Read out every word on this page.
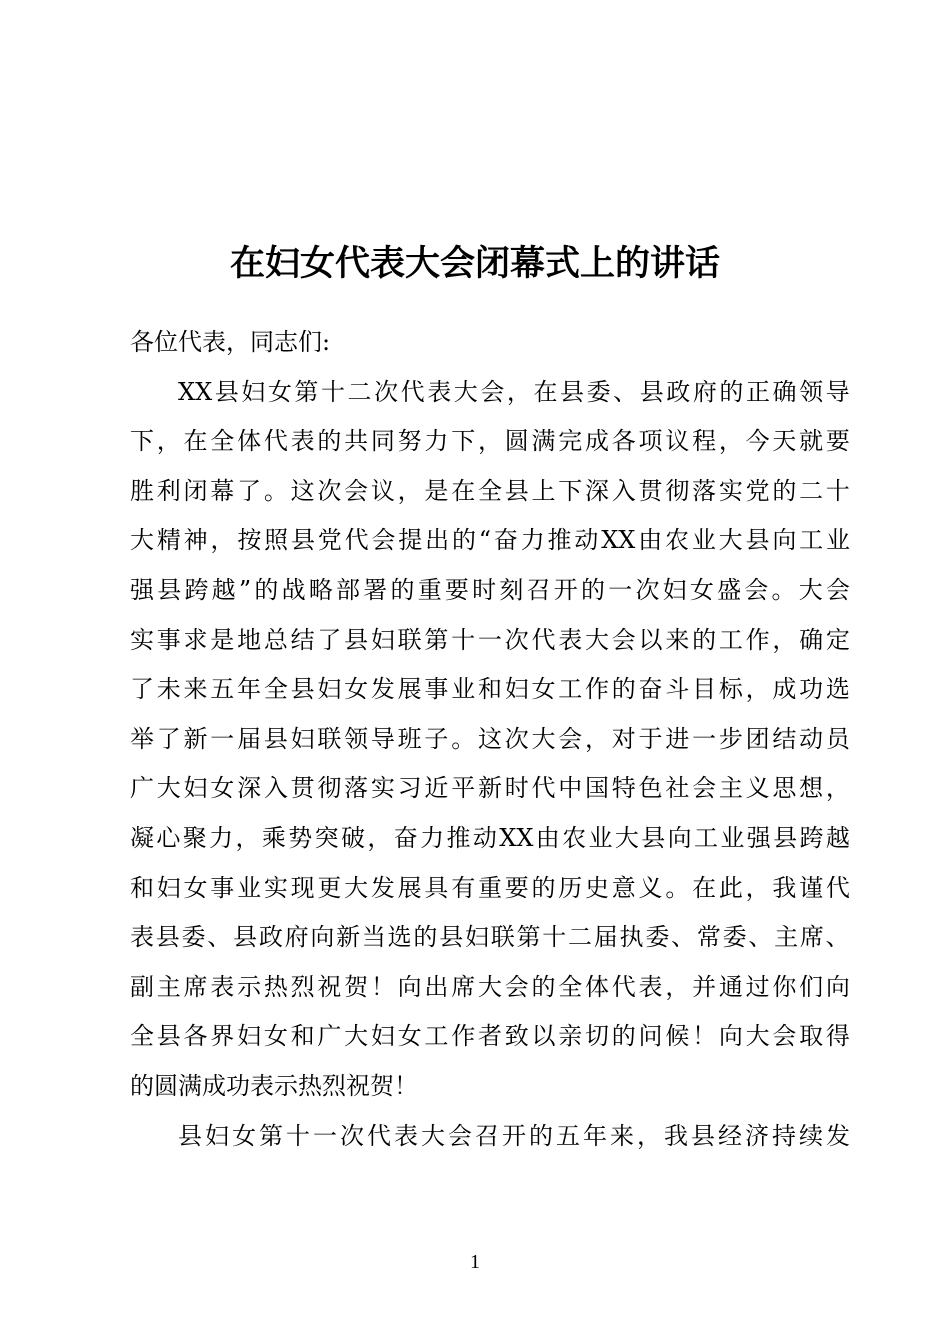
在妇女代表大会闭幕式上的讲话
各位代表，同志们:
XX 县 妇 女 第 十 二 次 代 表 大 会 ， 在 县 委 、 县 政 府 的 正 确 领 导
下 ， 在 全 体 代 表 的 共 同 努 力 下 ， 圆 满 完 成 各 项 议 程 ， 今 天 就 要
胜 利 闭 幕 了 。 这 次 会 议 ， 是 在 全 县 上 下 深 入 贯 彻 落 实 党 的 二 十
大 精 神 ， 按 照 县 党 代 会 提 出 的 “ 奋 力 推 动 XX 由 农 业 大 县 向 工 业
强 县 跨 越 ” 的 战 略 部 署 的 重 要 时 刻 召 开 的 一 次 妇 女 盛 会 。 大 会
实 事 求 是 地 总 结 了 县 妇 联 第 十 一 次 代 表 大 会 以 来 的 工 作 ， 确 定
了 未 来 五 年 全 县 妇 女 发 展 事 业 和 妇 女 工 作 的 奋 斗 目 标 ， 成 功 选
举 了 新 一 届 县 妇 联 领 导 班 子 。 这 次 大 会 ， 对 于 进 一 步 团 结 动 员
广 大 妇 女 深 入 贯 彻 落 实 习 近 平 新 时 代 中 国 特 色 社 会 主 义 思 想 ，
凝 心 聚 力 ， 乘 势 突 破 ， 奋 力 推 动 XX 由 农 业 大 县 向 工 业 强 县 跨 越
和 妇 女 事 业 实 现 更 大 发 展 具 有 重 要 的 历 史 意 义 。 在 此 ， 我 谨 代
表 县 委 、 县 政 府 向 新 当 选 的 县 妇 联 第 十 二 届 执 委 、 常 委 、 主 席 、
副 主 席 表 示 热 烈 祝 贺 ！ 向 出 席 大 会 的 全 体 代 表 ， 并 通 过 你 们 向
全 县 各 界 妇 女 和 广 大 妇 女 工 作 者 致 以 亲 切 的 问 候 ！ 向 大 会 取 得
的圆满成功表示热烈祝贺！
县 妇 女 第 十 一 次 代 表 大 会 召 开 的 五 年 来 ， 我 县 经 济 持 续 发
1
